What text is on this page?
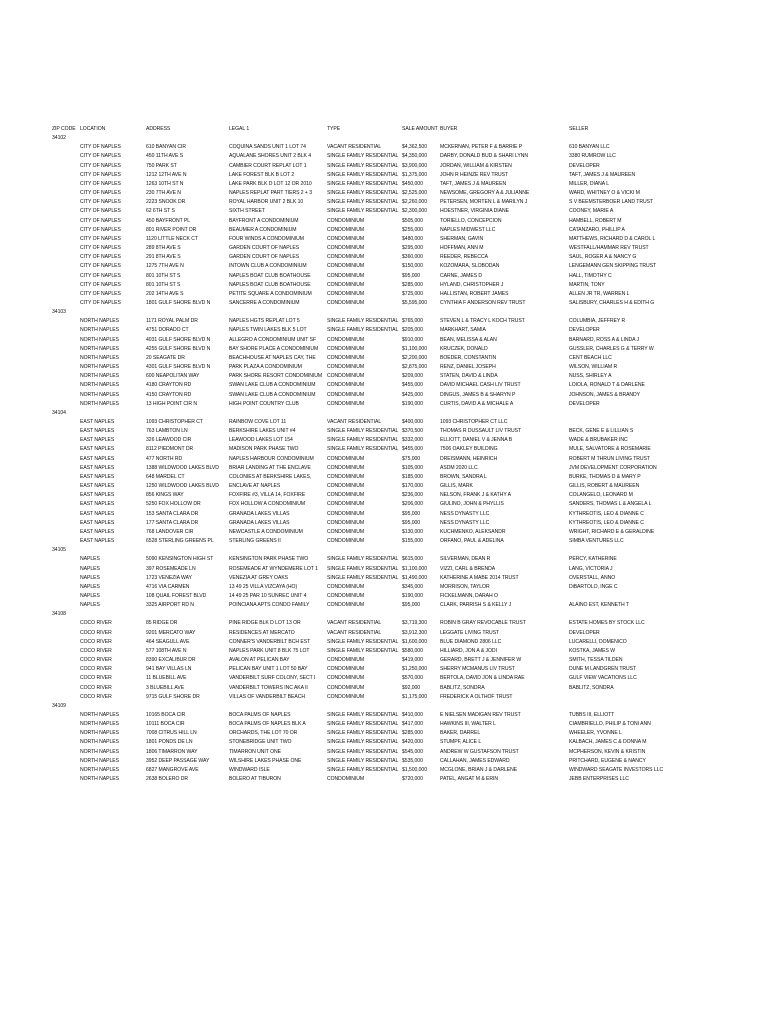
ZIP CODE	LOCATION	ADDRESS	LEGAL 1	TYPE	SALE AMOUNT	BUYER	SELLER
34102							
	CITY OF NAPLES	610 BANYAN CIR	COQUINA SANDS UNIT 1 LOT 74	VACANT RESIDENTIAL	$4,362,500	MCKERNAN, PETER F & BARRIE P	610 BANYAN LLC
	CITY OF NAPLES	450 11TH AVE S	AQUALANE SHORES UNIT 2 BLK 4	SINGLE FAMILY RESIDENTIAL	$4,350,000	DARBY, DONALD BUD & SHARI LYNN	3380 RUMROW LLC
	CITY OF NAPLES	750 PARK ST	CAMBIER COURT REPLAT LOT 1	SINGLE FAMILY RESIDENTIAL	$3,900,000	JORDAN, WILLIAM & KIRSTEN	DEVELOPER
	CITY OF NAPLES	1212 12TH AVE N	LAKE FOREST BLK B LOT 2	SINGLE FAMILY RESIDENTIAL	$1,375,000	JOHN R HEINZE REV TRUST	TAFT, JAMES J & MAUREEN
	CITY OF NAPLES	1263 10TH ST N	LAKE PARK BLK D LOT 12 OR 2010	SINGLE FAMILY RESIDENTIAL	$450,000	TAFT, JAMES J & MAUREEN	MILLER, DIANA L
	CITY OF NAPLES	230 7TH AVE N	NAPLES REPLAT PART TIERS 2 + 3	SINGLE FAMILY RESIDENTIAL	$2,525,000	NEWSOME, GREGORY A & JULIANNE	WARD, WHITNEY O & VICKI M
	CITY OF NAPLES	2223 SNOOK DR	ROYAL HARBOR UNIT 2 BLK 10	SINGLE FAMILY RESIDENTIAL	$2,260,000	PETERSEN, MORTEN L & MARILYN J	S V BEEMSTERBOER LAND TRUST
	CITY OF NAPLES	62 6TH ST S	SIXTH STREET	SINGLE FAMILY RESIDENTIAL	$2,300,000	HOESTNER, VIRGINIA DIANE	COONEY, MARIE A
	CITY OF NAPLES	450 BAYFRONT PL	BAYFRONT A CONDOMINIUM	CONDOMINIUM	$505,000	TORIELLO, CONCEPCION	HAMBELL, ROBERT M
	CITY OF NAPLES	801 RIVER POINT DR	BEAUMER A CONDOMINIUM	CONDOMINIUM	$255,000	NAPLES MIDWEST LLC	CATANZARO, PHILLIP A
	CITY OF NAPLES	1120 LITTLE NECK CT	FOUR WINDS A CONDOMINIUM	CONDOMINIUM	$480,000	SHERMAN, GAVIN	MATTHEWS, RICHARD D & CAROL L
	CITY OF NAPLES	289 8TH AVE S	GARDEN COURT OF NAPLES	CONDOMINIUM	$295,000	HOFFMAN, ANN M	WESTFALL/HAMMAR REV TRUST
	CITY OF NAPLES	291 8TH AVE S	GARDEN COURT OF NAPLES	CONDOMINIUM	$360,000	REEDER, REBECCA	SAUL, ROGER A & NANCY G
	CITY OF NAPLES	1275 7TH AVE N	INTOWN CLUB A CONDOMINIUM	CONDOMINIUM	$150,000	KOZOMARA, SLOBODAN	LENGEMANN GEN SKIPPING TRUST
	CITY OF NAPLES	801 10TH ST S	NAPLES BOAT CLUB BOATHOUSE	CONDOMINIUM	$95,000	CARNE, JAMES D	HALL, TIMOTHY C
	CITY OF NAPLES	801 10TH ST S	NAPLES BOAT CLUB BOATHOUSE	CONDOMINIUM	$285,000	HYLAND, CHRISTOPHER J	MARTIN, TONY
	CITY OF NAPLES	202 14TH AVE S	PETITE SQUARE A CONDOMINIUM	CONDOMINIUM	$725,000	HALLISTAN, ROBERT JAMES	ALLEN JR TR, WARREN L
	CITY OF NAPLES	1801 GULF SHORE BLVD N	SANCERRE A CONDOMINIUM	CONDOMINIUM	$5,595,000	CYNTHIA F ANDERSON REV TRUST	SALISBURY, CHARLES H & EDITH G
34103							
	NORTH NAPLES	1171 ROYAL PALM DR	NAPLES HGTS REPLAT LOT 5	SINGLE FAMILY RESIDENTIAL	$765,000	STEVEN L & TRACY L KOCH TRUST	COLUMBIA, JEFFREY R
	NORTH NAPLES	4751 DORADO CT	NAPLES TWIN LAKES BLK 5 LOT	SINGLE FAMILY RESIDENTIAL	$205,000	MARKHART, SAMIA	DEVELOPER
	NORTH NAPLES	4031 GULF SHORE BLVD N	ALLEGRO A CONDOMINIUM UNIT SF	CONDOMINIUM	$910,000	BEAN, MELISSA & ALAN	BARNARD, ROSS A & LINDA J
	NORTH NAPLES	4255 GULF SHORE BLVD N	BAY SHORE PLACE A CONDOMINIUM	CONDOMINIUM	$1,100,000	KRUCZEK, DONALD	GUSSLER, CHARLES G & TERRY W
	NORTH NAPLES	20 SEAGATE DR	BEACHHOUSE AT NAPLES CAY, THE	CONDOMINIUM	$2,200,000	BOEDER, CONSTANTIN	CENT BEACH LLC
	NORTH NAPLES	4301 GULF SHORE BLVD N	PARK PLAZA A CONDOMINIUM	CONDOMINIUM	$2,875,000	RENZ, DANIEL JOSEPH	WILSON, WILLIAM R
	NORTH NAPLES	600 NEAPOLITAN WAY	PARK SHORE RESORT CONDOMINIUM	CONDOMINIUM	$209,000	STATEN, DAVID & LINDA	NUSS, SHIRLEY A
	NORTH NAPLES	4180 CRAYTON RD	SWAN LAKE CLUB A CONDOMINIUM	CONDOMINIUM	$455,000	DAVID MICHAEL CASH LIV TRUST	LOIOLA, RONALD T & DARLENE
	NORTH NAPLES	4150 CRAYTON RD	SWAN LAKE CLUB A CONDOMINIUM	CONDOMINIUM	$425,000	DINGUS, JAMES B & SHARYN P	JOHNSON, JAMES & BRANDY
	NORTH NAPLES	13 HIGH POINT CIR N	HIGH POINT COUNTRY CLUB	CONDOMINIUM	$190,000	CURTIS, DAVID A & MICHALE A	DEVELOPER
34104							
	EAST NAPLES	1093 CHRISTOPHER CT	RAINBOW COVE LOT 11	VACANT RESIDENTIAL	$400,000	1093 CHRISTOPHER CT LLC	
	EAST NAPLES	763 LAMBTON LN	BERKSHIRE LAKES UNIT #4	SINGLE FAMILY RESIDENTIAL	$370,500	THOMAS R DUSSAULT LIV TRUST	BECK, GENE E & LILLIAN S
	EAST NAPLES	326 LEAWOOD CIR	LEAWOOD LAKES LOT 154	SINGLE FAMILY RESIDENTIAL	$332,000	ELLIOTT, DANIEL V & JENNA B	WADE & BRUBAKER INC
	EAST NAPLES	8112 PIEDMONT DR	MADISON PARK PHASE TWO	SINGLE FAMILY RESIDENTIAL	$455,000	7506 OAKLEY BUILDING	MULE, SALVATORE & ROSEMARIE
	EAST NAPLES	477 NORTH RD	NAPLES HARBOUR CONDOMINIUM	CONDOMINIUM	$75,000	DREISMANN, HEINRICH	ROBERT M THRUN LIVING TRUST
	EAST NAPLES	1388 WILDWOOD LAKES BLVD	BRIAR LANDING AT THE ENCLAVE	CONDOMINIUM	$105,000	ASDM 2020 LLC	JVM DEVELOPMENT CORPORATION
	EAST NAPLES	648 MARDEL CT	COLONIES AT BERKSHIRE LAKES,	CONDOMINIUM	$185,000	BROWN, SANDRA L	BURKE, THOMAS D & MARY P
	EAST NAPLES	1250 WILDWOOD LAKES BLVD	ENCLAVE AT NAPLES	CONDOMINIUM	$170,000	GILLIS, MARK	GILLIS, ROBERT & MAUREEN
	EAST NAPLES	856 KINGS WAY	FOXFIRE #3, VILLA 14, FOXFIRE	CONDOMINIUM	$236,000	NELSON, FRANK J & KATHY A	COLANGELO, LEONARD M
	EAST NAPLES	5250 FOX HOLLOW DR	FOX HOLLOW A CONDOMINIUM	CONDOMINIUM	$206,000	GIULINO, JOHN & PHYLLIS	SANDERS, THOMAS L & ANGELA L
	EAST NAPLES	153 SANTA CLARA DR	GRANADA LAKES VILLAS	CONDOMINIUM	$95,000	NESS DYNASTY LLC	KYTHREOTIS, LEO & DIANNE C
	EAST NAPLES	177 SANTA CLARA DR	GRANADA LAKES VILLAS	CONDOMINIUM	$95,000	NESS DYNASTY LLC	KYTHREOTIS, LEO & DIANNE C
	EAST NAPLES	768 LANDOVER CIR	NEWCASTLE A CONDOMINIUM	CONDOMINIUM	$130,000	KUCHMENKO, ALEKSANDR	WRIGHT, RICHARD E & GERALDINE
	EAST NAPLES	6528 STERLING GREENS PL	STERLING GREENS II	CONDOMINIUM	$155,000	ORFANO, PAUL & ADELINA	SIMBA VENTURES LLC
34105							
	NAPLES	5090 KENSINGTON HIGH ST	KENSINGTON PARK PHASE TWO	SINGLE FAMILY RESIDENTIAL	$615,000	SILVERMAN, DEAN R	PERCY, KATHERINE
	NAPLES	397 ROSEMEADE LN	ROSEMEADE AT WYNDEMERE LOT 1	SINGLE FAMILY RESIDENTIAL	$1,100,000	VIZZI, CARL & BRENDA	LANG, VICTORIA J
	NAPLES	1723 VENEZIA WAY	VENEZIA AT GREY OAKS	SINGLE FAMILY RESIDENTIAL	$1,490,000	KATHERINE A MABE 2014 TRUST	OVERSTALL, ANNO
	NAPLES	4716 VIA CARMEN	13 49 25 VILLA VIZCAYA (HO)	CONDOMINIUM	$345,000	MORRISON, TAYLOR	DiBARTOLO, INGE C
	NAPLES	108 QUAIL FOREST BLVD	14 49 25 PAR 10 SUNREC UNIT 4	CONDOMINIUM	$190,000	FICKELMANN, DARAH O	
	NAPLES	3325 AIRPORT RD N	POINCIANA APTS CONDO FAMILY	CONDOMINIUM	$95,000	CLARK, PARRISH S & KELLY J	ALAINO EST, KENNETH T
34108							
	COCO RIVER	85 RIDGE DR	PINE RIDGE BLK D LOT 13 OR	VACANT RESIDENTIAL	$3,719,300	ROBIN B GRAY REVOCABLE TRUST	ESTATE HOMES BY STOCK LLC
	COCO RIVER	9201 MERCATO WAY	RESIDENCES AT MERCATO	VACANT RESIDENTIAL	$3,912,300	LEGGATE LIVING TRUST	DEVELOPER
	COCO RIVER	464 SEAGULL AVE	CONNER'S VANDERBILT BCH EST	SINGLE FAMILY RESIDENTIAL	$1,600,000	BLUE DIAMOND 2806 LLC	LUCARELLI, DOMENICO
	COCO RIVER	577 108TH AVE N	NAPLES PARK UNIT 8 BLK 75 LOT	SINGLE FAMILY RESIDENTIAL	$580,000	HILLIARD, JON A & JODI	KOSTKA, JAMES W
	COCO RIVER	8390 EXCALIBUR DR	AVALON AT PELICAN BAY	CONDOMINIUM	$419,000	GERARD, BRETT J & JENNIFER W	SMITH, TESSA TILDEN
	COCO RIVER	941 BAY VILLAS LN	PELICAN BAY UNIT 1 LOT 50 BAY	CONDOMINIUM	$1,250,000	SHERRY MCMANUS LIV TRUST	DUNE M LANDGREN TRUST
	COCO RIVER	11 BLUEBILL AVE	VANDERBILT SURF COLONY, SECT I	CONDOMINIUM	$570,000	BERTOLA, DAVID JON & LINDA RAE	GULF VIEW VACATIONS LLC
	COCO RIVER	3 BLUEBILL AVE	VANDERBILT TOWERS INC AKA II	CONDOMINIUM	$92,000	BABLITZ, SONDRA	BABLITZ, SONDRA
	COCO RIVER	9715 GULF SHORE DR	VILLAS OF VANDERBILT BEACH	CONDOMINIUM	$1,175,000	FREDERICK A OLTHOF TRUST	
34109							
	NORTH NAPLES	10165 BOCA CIR	BOCA PALMS OF NAPLES	SINGLE FAMILY RESIDENTIAL	$410,000	E NIELSEN MADIGAN REV TRUST	TUBBS III, ELLIOTT
	NORTH NAPLES	10111 BOCA CIR	BOCA PALMS OF NAPLES BLK A	SINGLE FAMILY RESIDENTIAL	$417,000	HAWKINS III, WALTER L	CIAMBRIELLO, PHILIP & TONI ANN
	NORTH NAPLES	7008 CITRUS HILL LN	ORCHARDS, THE LOT 70 OR	SINGLE FAMILY RESIDENTIAL	$285,000	BAKER, DARREL	WHEELER, YVONNE L
	NORTH NAPLES	1801 PONDS DE LN	STONEBRIDGE UNIT TWO	SINGLE FAMILY RESIDENTIAL	$420,000	STUMPF, ALICE L	KALBACH, JAMES C & DONNA M
	NORTH NAPLES	1806 TIMARRON WAY	TIMARRON UNIT ONE	SINGLE FAMILY RESIDENTIAL	$545,000	ANDREW W GUSTAFSON TRUST	MCPHERSON, KEVIN & KRISTIN
	NORTH NAPLES	3952 DEEP PASSAGE WAY	WILSHIRE LAKES PHASE ONE	SINGLE FAMILY RESIDENTIAL	$535,000	CALLAHAN, JAMES EDWARD	PRITCHARD, EUGENE & NANCY
	NORTH NAPLES	6827 MANGROVE AVE	WINDWARD ISLE	SINGLE FAMILY RESIDENTIAL	$1,500,000	MCGLONE, BRIAN J & DARLENE	WINDWARD SEAGATE INVESTORS LLC
	NORTH NAPLES	2638 BOLERO DR	BOLERO AT TIBURON	CONDOMINIUM	$720,000	PATEL, ANGAT M & ERIN	JEBB ENTERPRISES LLC
